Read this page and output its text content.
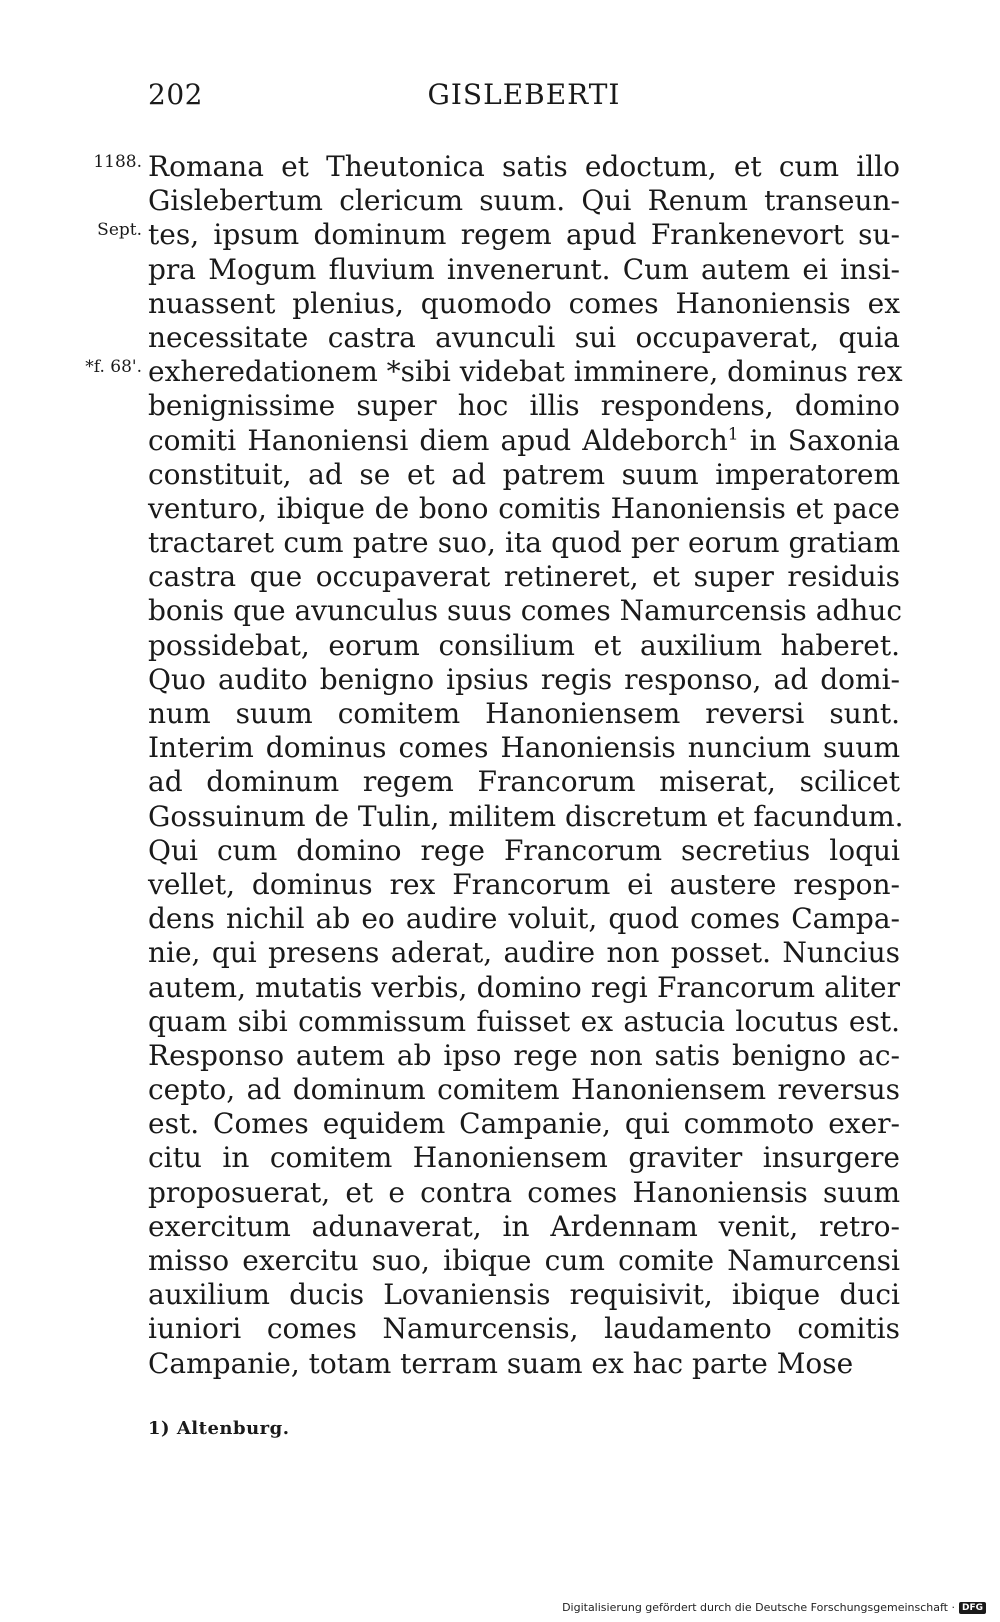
202	GISLEBERTI
1188.
Sept.
*f. 68'.
Romana et Theutonica satis edoctum, et cum illo
Gislebertum clericum suum. Qui Renum transeun-
tes, ipsum dominum regem apud Frankenevort su-
pra Mogum fluvium invenerunt. Cum autem ei insi-
nuassent plenius, quomodo comes Hanoniensis ex
necessitate castra avunculi sui occupaverat, quia
exheredationem *sibi videbat imminere, dominus rex
benignissime super hoc illis respondens, domino
comiti Hanoniensi diem apud Aldeborch$^1$ in Saxonia
constituit, ad se et ad patrem suum imperatorem
venturo, ibique de bono comitis Hanoniensis et pace
tractaret cum patre suo, ita quod per eorum gratiam
castra que occupaverat retineret, et super residuis
bonis que avunculus suus comes Namurcensis adhuc
possidebat, eorum consilium et auxilium haberet.
Quo audito benigno ipsius regis responso, ad domi-
num suum comitem Hanoniensem reversi sunt.
Interim dominus comes Hanoniensis nuncium suum
ad dominum regem Francorum miserat, scilicet
Gossuinum de Tulin, militem discretum et facundum.
Qui cum domino rege Francorum secretius loqui
vellet, dominus rex Francorum ei austere respon-
dens nichil ab eo audire voluit, quod comes Campa-
nie, qui presens aderat, audire non posset. Nuncius
autem, mutatis verbis, domino regi Francorum aliter
quam sibi commissum fuisset ex astucia locutus est.
Responso autem ab ipso rege non satis benigno ac-
cepto, ad dominum comitem Hanoniensem reversus
est. Comes equidem Campanie, qui commoto exer-
citu in comitem Hanoniensem graviter insurgere
proposuerat, et e contra comes Hanoniensis suum
exercitum adunaverat, in Ardennam venit, retro-
misso exercitu suo, ibique cum comite Namurcensi
auxilium ducis Lovaniensis requisivit, ibique duci
iuniori comes Namurcensis, laudamento comitis
Campanie, totam terram suam ex hac parte Mose
1) Altenburg.
Digitalisierung gefördert durch die Deutsche Forschungsgemeinschaft · DFG
